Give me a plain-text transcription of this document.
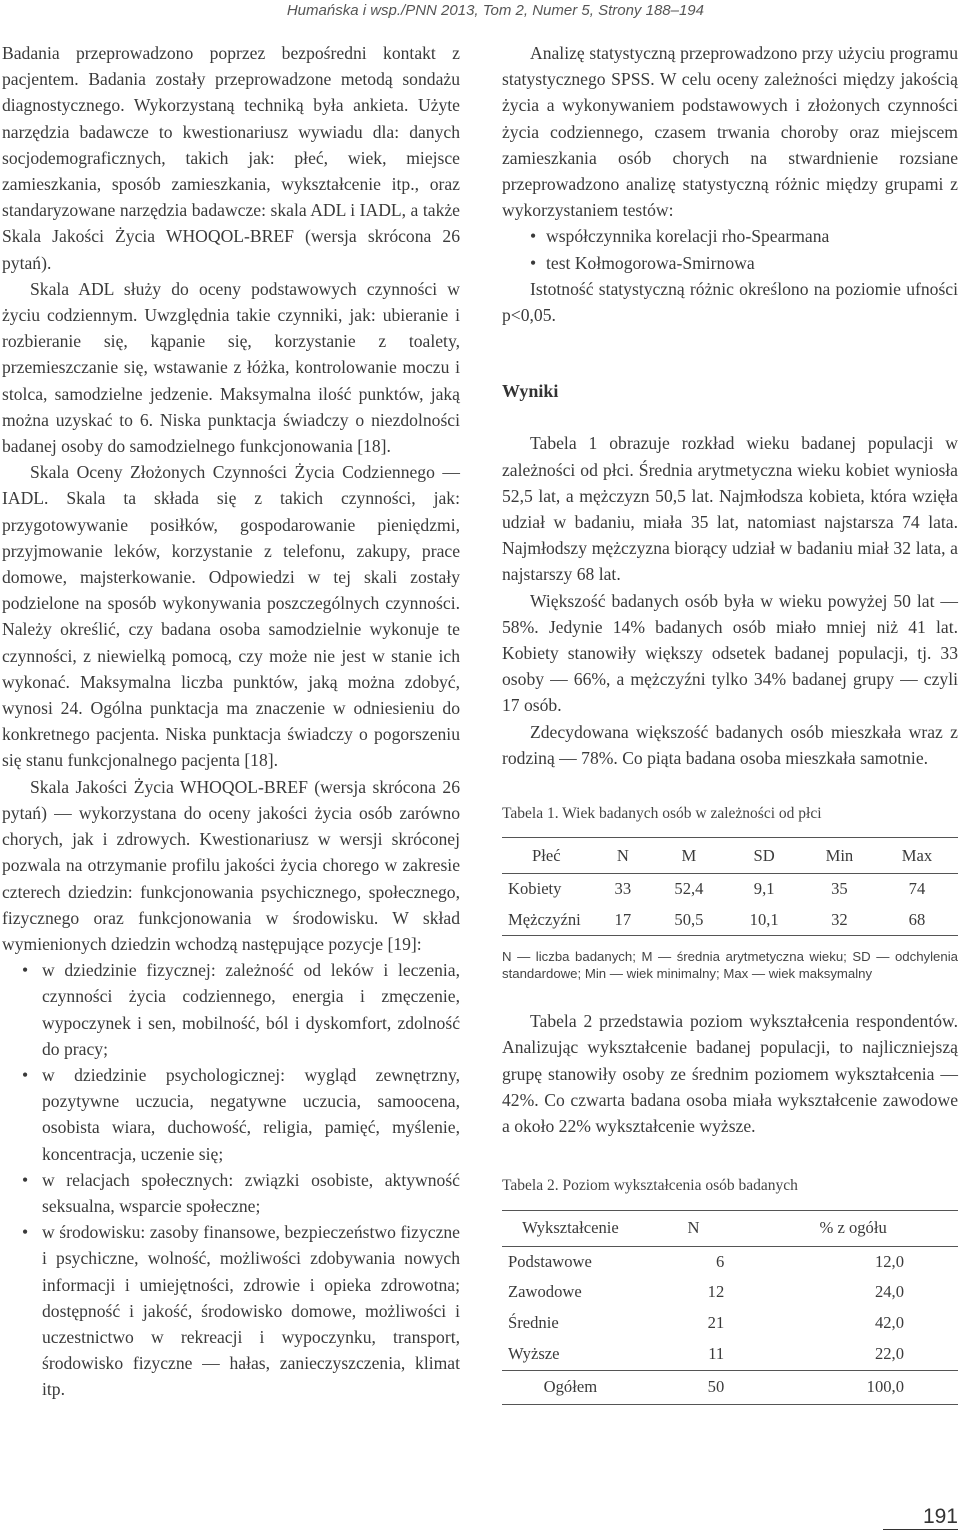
Humańska i wsp./PNN 2013, Tom 2, Numer 5, Strony 188–194

Badania przeprowadzono poprzez bezpośredni kontakt z pacjentem. Badania zostały przeprowadzone metodą sondażu diagnostycznego. Wykorzystaną techniką była ankieta. Użyte narzędzia badawcze to kwestionariusz wywiadu dla: danych socjodemograficznych, takich jak: płeć, wiek, miejsce zamieszkania, sposób zamieszkania, wykształcenie itp., oraz standaryzowane narzędzia badawcze: skala ADL i IADL, a także Skala Jakości Życia WHOQOL-BREF (wersja skrócona 26 pytań).

Skala ADL służy do oceny podstawowych czynności w życiu codziennym. Uwzględnia takie czynniki, jak: ubieranie i rozbieranie się, kąpanie się, korzystanie z toalety, przemieszczanie się, wstawanie z łóżka, kontrolowanie moczu i stolca, samodzielne jedzenie. Maksymalna ilość punktów, jaką można uzyskać to 6. Niska punktacja świadczy o niezdolności badanej osoby do samodzielnego funkcjonowania [18].

Skala Oceny Złożonych Czynności Życia Codziennego — IADL. Skala ta składa się z takich czynności, jak: przygotowywanie posiłków, gospodarowanie pieniędzmi, przyjmowanie leków, korzystanie z telefonu, zakupy, prace domowe, majsterkowanie. Odpowiedzi w tej skali zostały podzielone na sposób wykonywania poszczególnych czynności. Należy określić, czy badana osoba samodzielnie wykonuje te czynności, z niewielką pomocą, czy może nie jest w stanie ich wykonać. Maksymalna liczba punktów, jaką można zdobyć, wynosi 24. Ogólna punktacja ma znaczenie w odniesieniu do konkretnego pacjenta. Niska punktacja świadczy o pogorszeniu się stanu funkcjonalnego pacjenta [18].

Skala Jakości Życia WHOQOL-BREF (wersja skrócona 26 pytań) — wykorzystana do oceny jakości życia osób zarówno chorych, jak i zdrowych. Kwestionariusz w wersji skróconej pozwala na otrzymanie profilu jakości życia chorego w zakresie czterech dziedzin: funkcjonowania psychicznego, społecznego, fizycznego oraz funkcjonowania w środowisku. W skład wymienionych dziedzin wchodzą następujące pozycje [19]:

• w dziedzinie fizycznej: zależność od leków i leczenia, czynności życia codziennego, energia i zmęczenie, wypoczynek i sen, mobilność, ból i dyskomfort, zdolność do pracy;
• w dziedzinie psychologicznej: wygląd zewnętrzny, pozytywne uczucia, negatywne uczucia, samoocena, osobista wiara, duchowość, religia, pamięć, myślenie, koncentracja, uczenie się;
• w relacjach społecznych: związki osobiste, aktywność seksualna, wsparcie społeczne;
• w środowisku: zasoby finansowe, bezpieczeństwo fizyczne i psychiczne, wolność, możliwości zdobywania nowych informacji i umiejętności, zdrowie i opieka zdrowotna; dostępność i jakość, środowisko domowe, możliwości i uczestnictwo w rekreacji i wypoczynku, transport, środowisko fizyczne — hałas, zanieczyszczenia, klimat itp.

Analizę statystyczną przeprowadzono przy użyciu programu statystycznego SPSS. W celu oceny zależności między jakością życia a wykonywaniem podstawowych i złożonych czynności życia codziennego, czasem trwania choroby oraz miejscem zamieszkania osób chorych na stwardnienie rozsiane przeprowadzono analizę statystyczną różnic między grupami z wykorzystaniem testów:

• współczynnika korelacji rho-Spearmana
• test Kołmogorowa-Smirnowa

Istotność statystyczną różnic określono na poziomie ufności p<0,05.

Wyniki

Tabela 1 obrazuje rozkład wieku badanej populacji w zależności od płci. Średnia arytmetyczna wieku kobiet wyniosła 52,5 lat, a mężczyzn 50,5 lat. Najmłodsza kobieta, która wzięła udział w badaniu, miała 35 lat, natomiast najstarsza 74 lata. Najmłodszy mężczyzna biorący udział w badaniu miał 32 lata, a najstarszy 68 lat.

Większość badanych osób była w wieku powyżej 50 lat — 58%. Jedynie 14% badanych osób miało mniej niż 41 lat. Kobiety stanowiły większy odsetek badanej populacji, tj. 33 osoby — 66%, a mężczyźni tylko 34% badanej grupy — czyli 17 osób.

Zdecydowana większość badanych osób mieszkała wraz z rodziną — 78%. Co piąta badana osoba mieszkała samotnie.

Tabela 1. Wiek badanych osób w zależności od płci
Płeć	N	M	SD	Min	Max
Kobiety	33	52,4	9,1	35	74
Mężczyźni	17	50,5	10,1	32	68
N — liczba badanych; M — średnia arytmetyczna wieku; SD — odchylenia standardowe; Min — wiek minimalny; Max — wiek maksymalny

Tabela 2 przedstawia poziom wykształcenia respondentów. Analizując wykształcenie badanej populacji, to najliczniejszą grupę stanowiły osoby ze średnim poziomem wykształcenia — 42%. Co czwarta badana osoba miała wykształcenie zawodowe a około 22% wykształcenie wyższe.

Tabela 2. Poziom wykształcenia osób badanych
Wykształcenie	N	% z ogółu
Podstawowe	6	12,0
Zawodowe	12	24,0
Średnie	21	42,0
Wyższe	11	22,0
Ogółem	50	100,0
191
